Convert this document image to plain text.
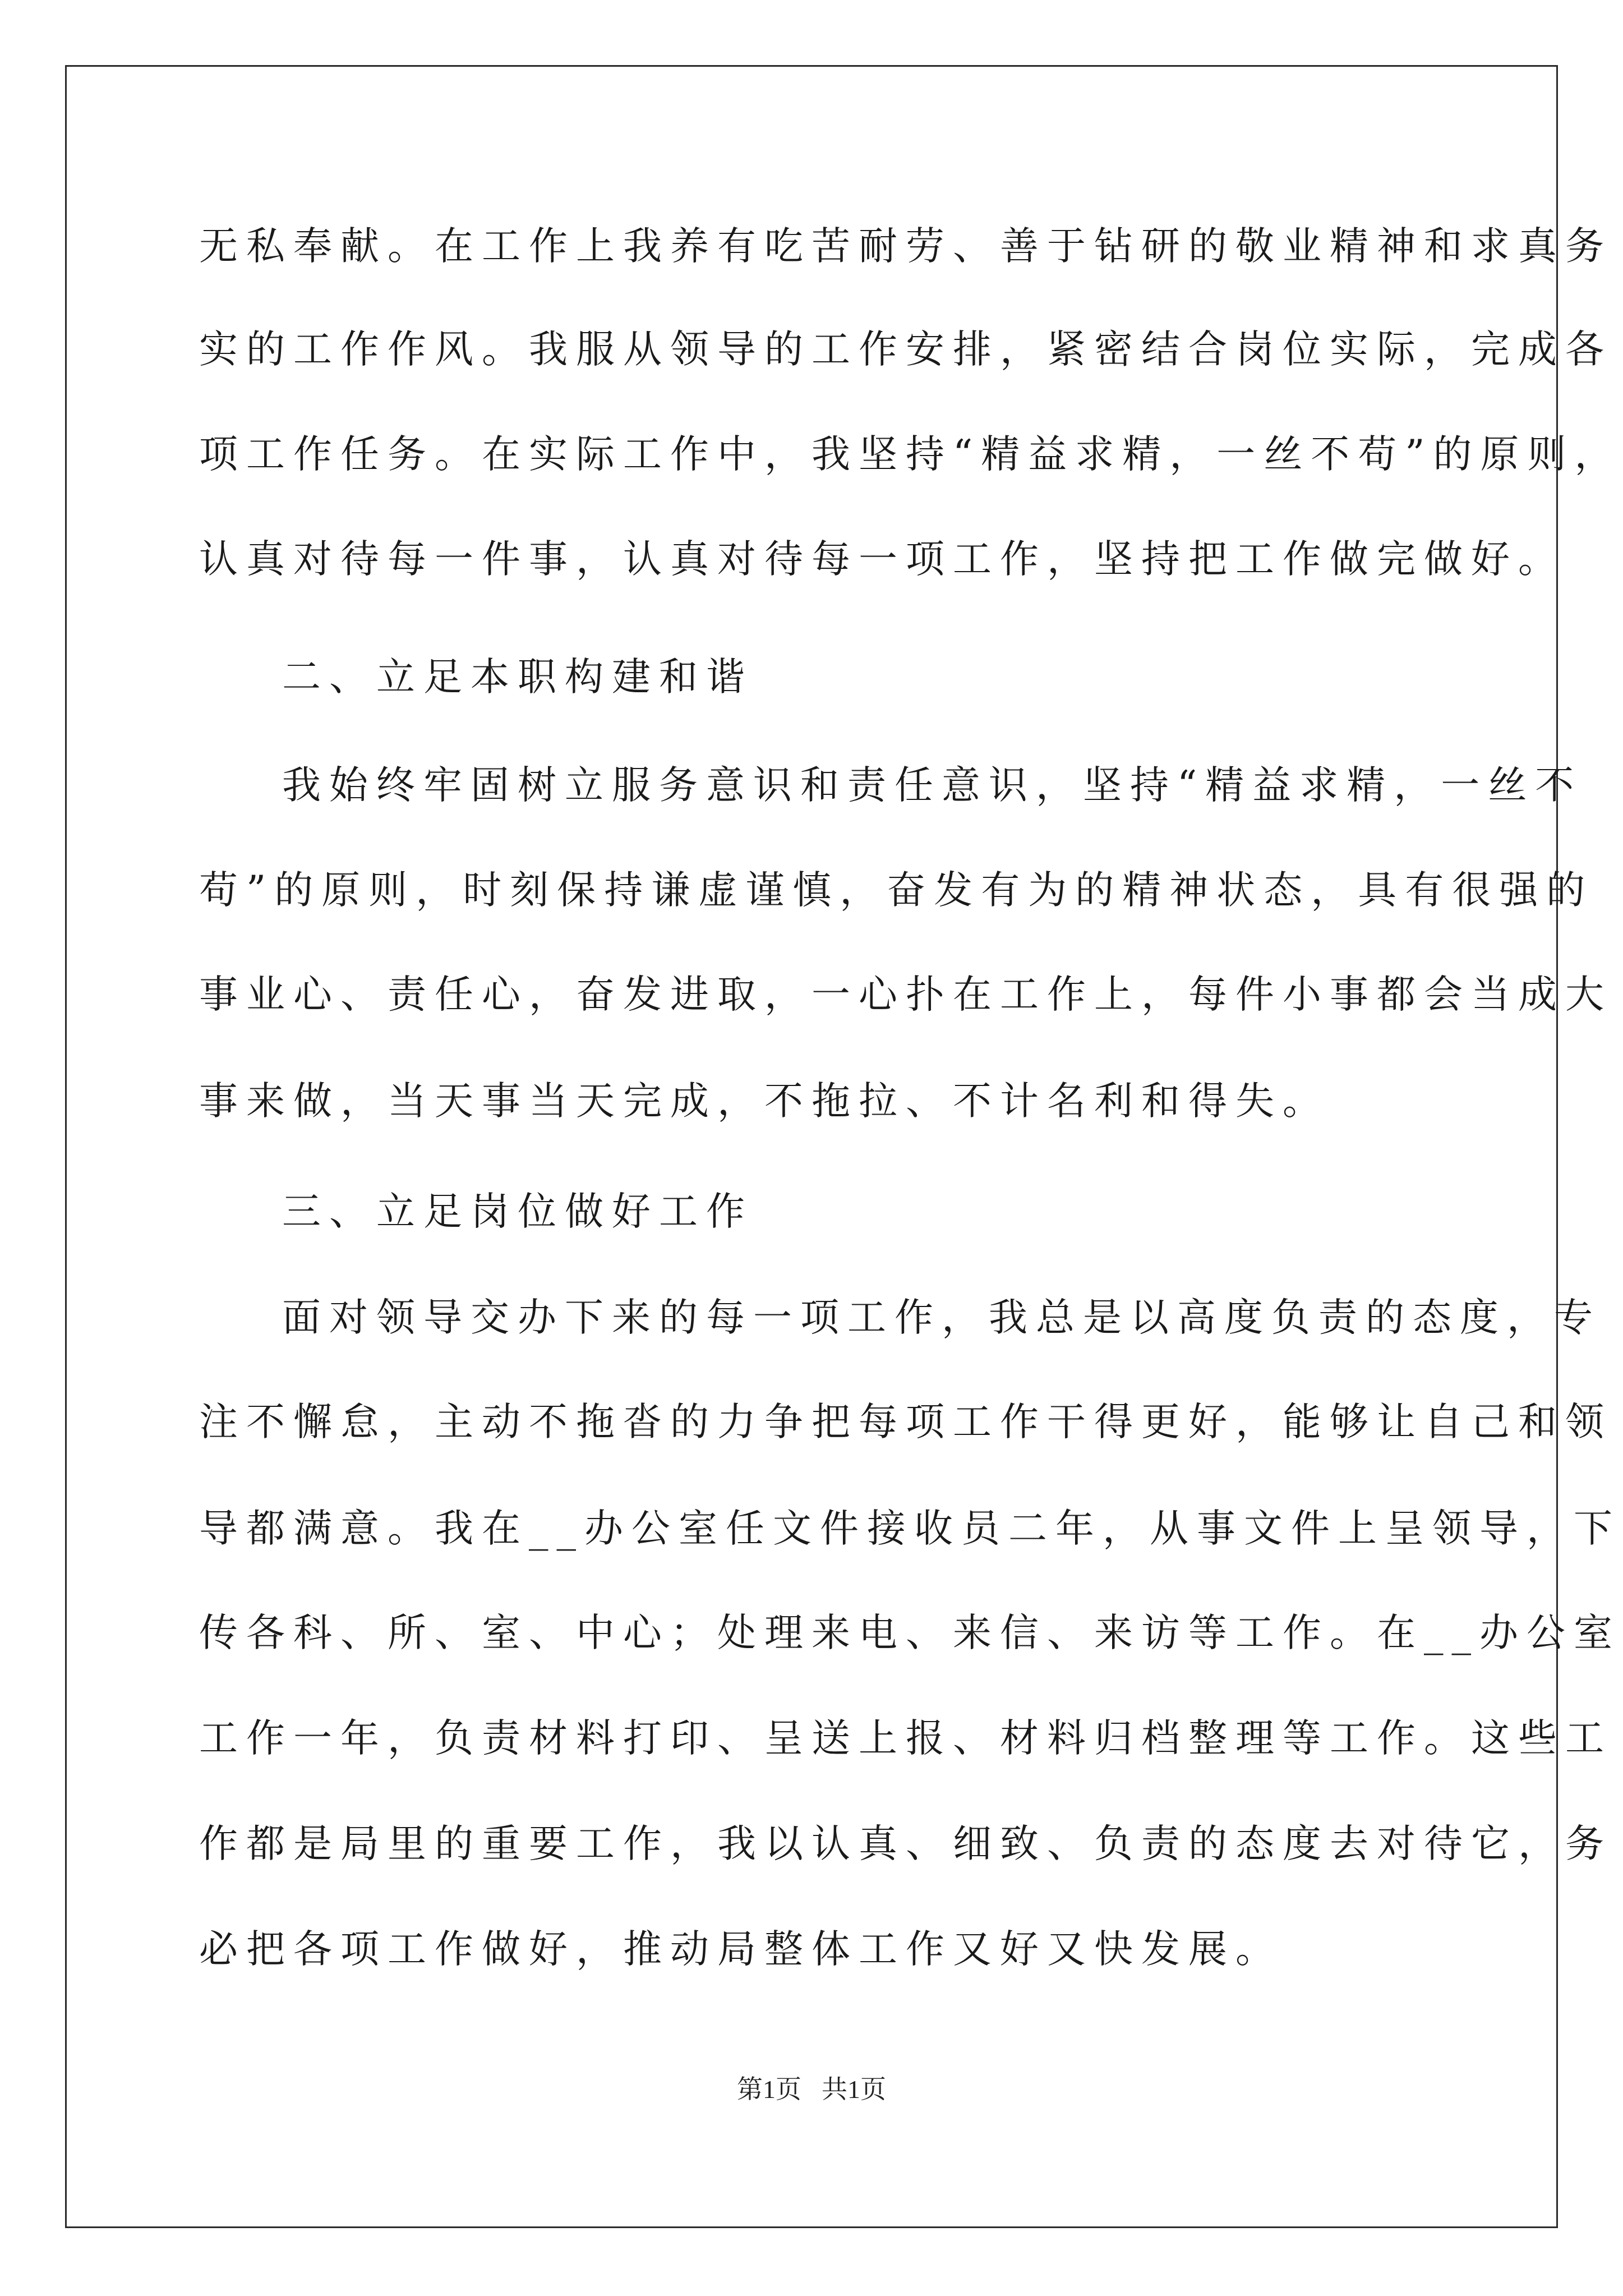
无私奉献。在工作上我养有吃苦耐劳、善于钻研的敬业精神和求真务
实的工作作风。我服从领导的工作安排，紧密结合岗位实际，完成各
项工作任务。在实际工作中，我坚持“精益求精，一丝不苟”的原则，
认真对待每一件事，认真对待每一项工作，坚持把工作做完做好。
二、立足本职构建和谐
我始终牢固树立服务意识和责任意识，坚持“精益求精，一丝不
苟”的原则，时刻保持谦虚谨慎，奋发有为的精神状态，具有很强的
事业心、责任心，奋发进取，一心扑在工作上，每件小事都会当成大
事来做，当天事当天完成，不拖拉、不计名利和得失。
三、立足岗位做好工作
面对领导交办下来的每一项工作，我总是以高度负责的态度，专
注不懈怠，主动不拖沓的力争把每项工作干得更好，能够让自己和领
导都满意。我在__办公室任文件接收员二年，从事文件上呈领导，下
传各科、所、室、中心；处理来电、来信、来访等工作。在__办公室
工作一年，负责材料打印、呈送上报、材料归档整理等工作。这些工
作都是局里的重要工作，我以认真、细致、负责的态度去对待它，务
必把各项工作做好，推动局整体工作又好又快发展。
第1页 共1页
